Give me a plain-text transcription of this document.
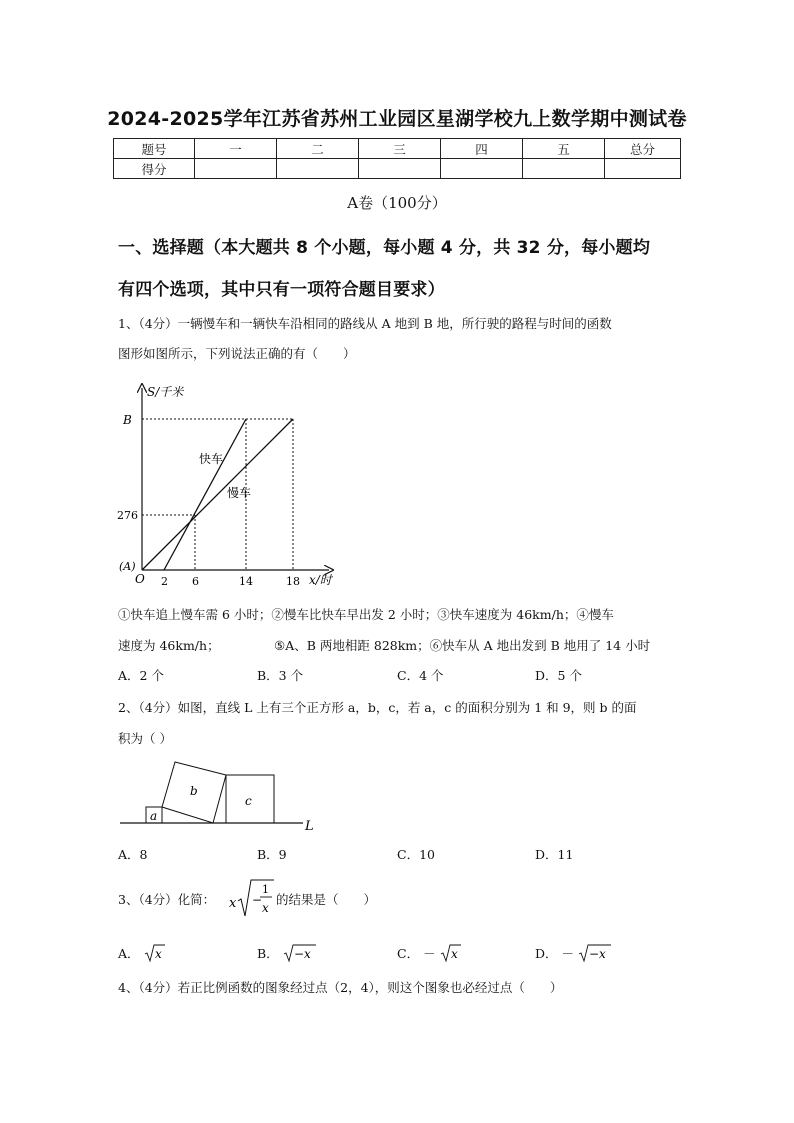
2024-2025学年江苏省苏州工业园区星湖学校九上数学期中测试卷
题号	一	二	三	四	五	总分
得分						
A卷（100分）
一、选择题（本大题共 8 个小题，每小题 4 分，共 32 分，每小题均
有四个选项，其中只有一项符合题目要求）
1、（4分）一辆慢车和一辆快车沿相同的路线从 A 地到 B 地，所行驶的路程与时间的函数
图形如图所示，下列说法正确的有（　　）
S/千米
B
276
(A)
O 2 6	14	18 x/时
快车
慢车
①快车追上慢车需 6 小时；②慢车比快车早出发 2 小时；③快车速度为 46km/h；④慢车
速度为 46km/h；	⑤A、B 两地相距 828km；⑥快车从 A 地出发到 B 地用了 14 小时
A．2 个	B．3 个	C．4 个	D．5 个
2、（4分）如图，直线 L 上有三个正方形 a，b，c，若 a，c 的面积分别为 1 和 9，则 b 的面
积为（ ）
a
b
c
L
A．8	B．9	C．10	D．11
3、（4分）化简： x −
1
x
的结果是（　　）
A． x	B． −x	C． － x	D． － −x
4、（4分）若正比例函数的图象经过点（2，4），则这个图象也必经过点（　　）
